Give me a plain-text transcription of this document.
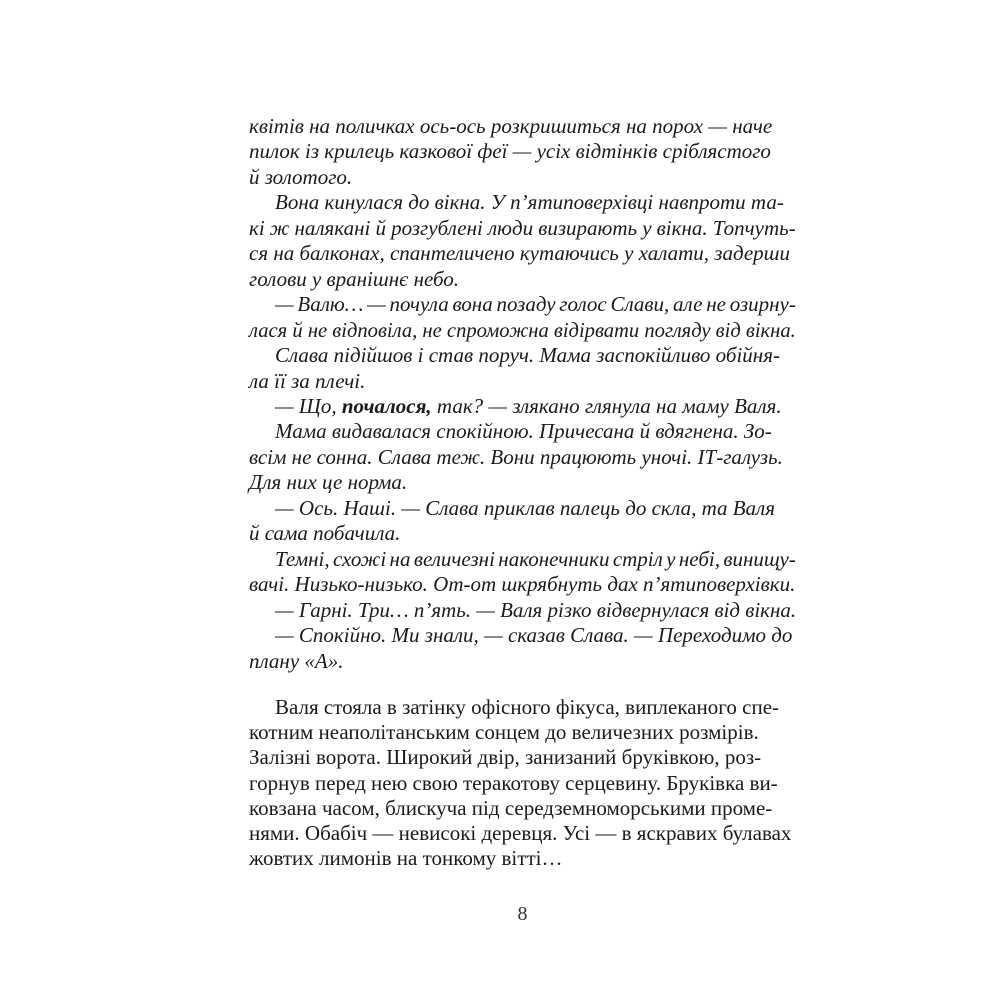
квітів на поличках ось-ось розкришиться на порох — наче
пилок із крилець казкової феї — усіх відтінків сріблястого
й золотого.
Вона кинулася до вікна. У п’ятиповерхівці навпроти та-
кі ж налякані й розгублені люди визирають у вікна. Топчуть-
ся на балконах, спантеличено кутаючись у халати, задерши
голови у вранішнє небо.
— Валю… — почула вона позаду голос Слави, але не озирну-
лася й не відповіла, не спроможна відірвати погляду від вікна.
Слава підійшов і став поруч. Мама заспокійливо обійня-
ла її за плечі.
— Що, почалося, так? — злякано глянула на маму Валя.
Мама видавалася спокійною. Причесана й вдягнена. Зо-
всім не сонна. Слава теж. Вони працюють уночі. ІТ-галузь.
Для них це норма.
— Ось. Наші. — Слава приклав палець до скла, та Валя
й сама побачила.
Темні, схожі на величезні наконечники стріл у небі, винищу-
вачі. Низько-низько. От-от шкрябнуть дах п’ятиповерхівки.
— Гарні. Три… п’ять. — Валя різко відвернулася від вікна.
— Спокійно. Ми знали, — сказав Слава. — Переходимо до
плану «А».
Валя стояла в затінку офісного фікуса, виплеканого спе-
котним неаполітанським сонцем до величезних розмірів.
Залізні ворота. Широкий двір, занизаний бруківкою, роз-
горнув перед нею свою теракотову серцевину. Бруківка ви-
ковзана часом, блискуча під середземноморськими проме-
нями. Обабіч — невисокі деревця. Усі — в яскравих булавах
жовтих лимонів на тонкому вітті…
8
